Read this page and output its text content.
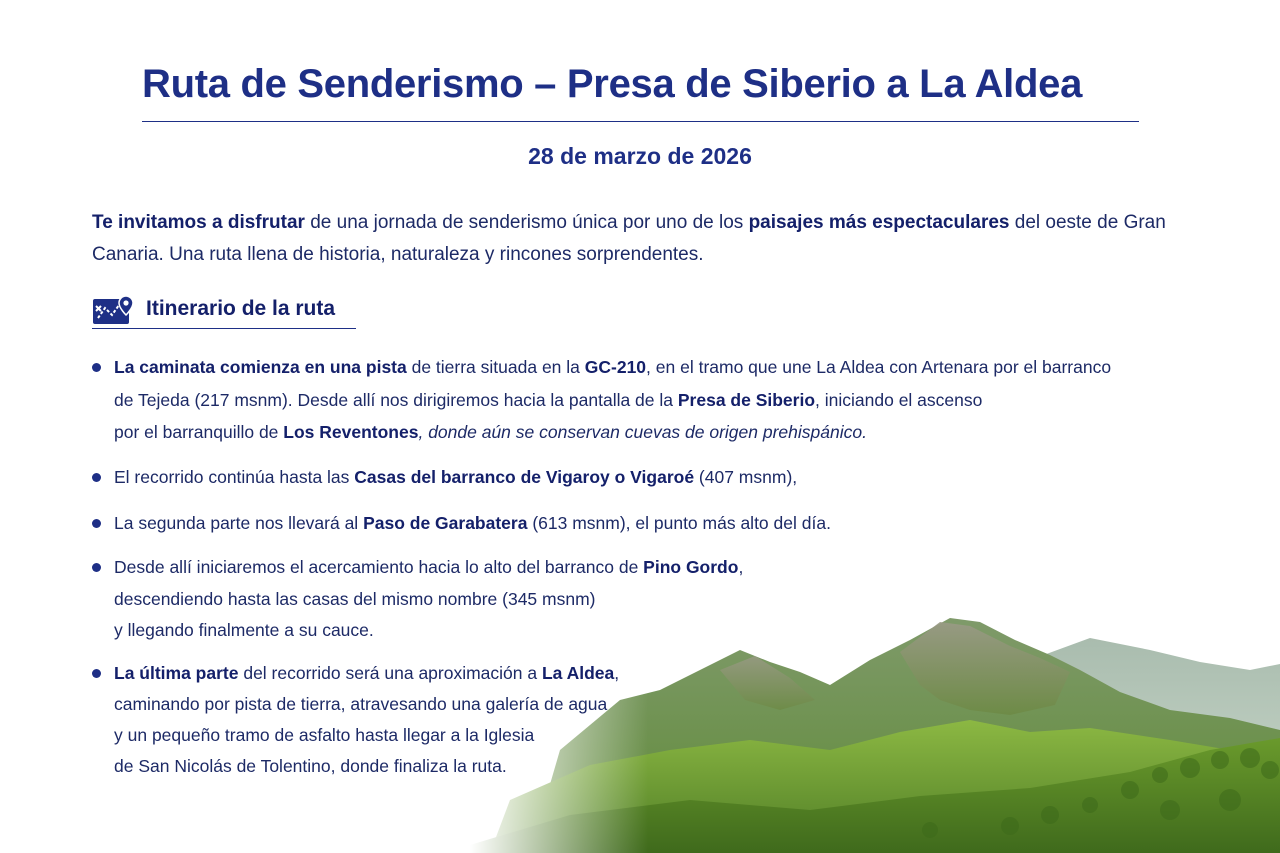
Ruta de Senderismo – Presa de Siberio a La Aldea
28 de marzo de 2026

Te invitamos a disfrutar de una jornada de senderismo única por uno de los paisajes más espectaculares del oeste de Gran Canaria. Una ruta llena de historia, naturaleza y rincones sorprendentes.

Itinerario de la ruta
La caminata comienza en una pista de tierra situada en la GC-210, en el tramo que une La Aldea con Artenara por el barranco
de Tejeda (217 msnm). Desde allí nos dirigiremos hacia la pantalla de la Presa de Siberio, iniciando el ascenso
por el barranquillo de Los Reventones, donde aún se conservan cuevas de origen prehispánico.
El recorrido continúa hasta las Casas del barranco de Vigaroy o Vigaroé (407 msnm),
La segunda parte nos llevará al Paso de Garabatera (613 msnm), el punto más alto del día.
Desde allí iniciaremos el acercamiento hacia lo alto del barranco de Pino Gordo,
descendiendo hasta las casas del mismo nombre (345 msnm)
y llegando finalmente a su cauce.
La última parte del recorrido será una aproximación a La Aldea,
caminando por pista de tierra, atravesando una galería de agua
y un pequeño tramo de asfalto hasta llegar a la Iglesia
de San Nicolás de Tolentino, donde finaliza la ruta.
